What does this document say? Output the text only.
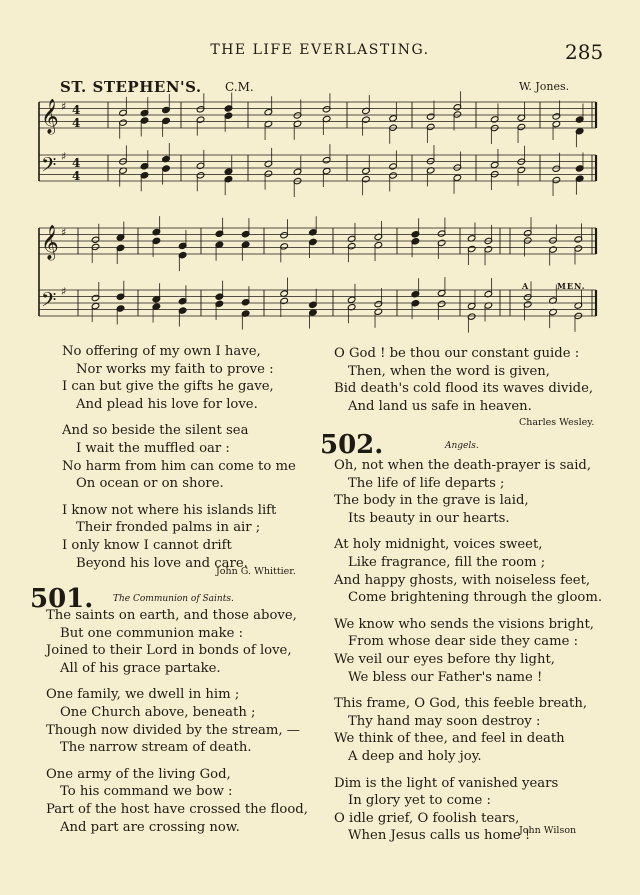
THE LIFE EVERLASTING.	285
ST. STEPHEN'S. C.M.	W. Jones.
𝄞
𝄢
♯
♯
4
4
4
4
𝄞
𝄢
♯
♯	A	MEN.
No offering of my own I have,
Nor works my faith to prove :
I can but give the gifts he gave,
And plead his love for love.
And so beside the silent sea
I wait the muffled oar :
No harm from him can come to me
On ocean or on shore.
I know not where his islands lift
Their fronded palms in air ;
I only know I cannot drift
Beyond his love and care.
John G. Whittier.
501. The Communion of Saints.
The saints on earth, and those above,
But one communion make :
Joined to their Lord in bonds of love,
All of his grace partake.
One family, we dwell in him ;
One Church above, beneath ;
Though now divided by the stream, —
The narrow stream of death.
One army of the living God,
To his command we bow :
Part of the host have crossed the flood,
And part are crossing now.
O God ! be thou our constant guide :
Then, when the word is given,
Bid death's cold flood its waves divide,
And land us safe in heaven.
Charles Wesley.
502.	Angels.
Oh, not when the death-prayer is said,
The life of life departs ;
The body in the grave is laid,
Its beauty in our hearts.
At holy midnight, voices sweet,
Like fragrance, fill the room ;
And happy ghosts, with noiseless feet,
Come brightening through the gloom.
We know who sends the visions bright,
From whose dear side they came :
We veil our eyes before thy light,
We bless our Father's name !
This frame, O God, this feeble breath,
Thy hand may soon destroy :
We think of thee, and feel in death
A deep and holy joy.
Dim is the light of vanished years
In glory yet to come :
O idle grief, O foolish tears,
When Jesus calls us home !
John Wilson
